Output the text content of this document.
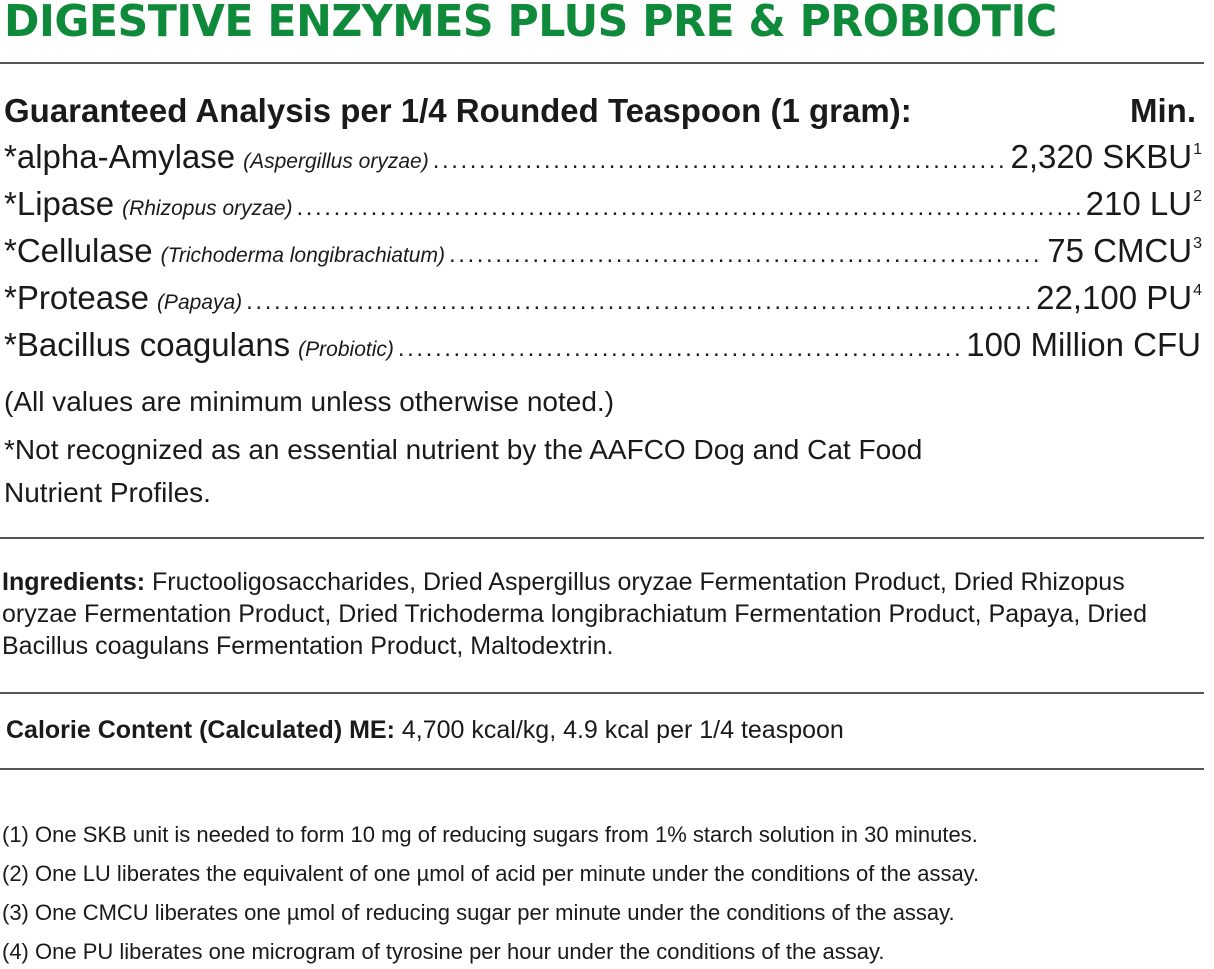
DIGESTIVE ENZYMES PLUS PRE & PROBIOTIC
Guaranteed Analysis per 1/4 Rounded Teaspoon (1 gram):	Min.
*alpha-Amylase (Aspergillus oryzae) .....	2,320 SKBU$^1$
*Lipase (Rhizopus oryzae) .....	210 $LU^2$
*Cellulase (Trichoderma longibrachiatum) .....	75 CMCU$^3$
*Protease (Papaya) .....	22,100 $PU^4$
*Bacillus coagulans (Probiotic) .....	100 Million CFU
(All values are minimum unless otherwise noted.)
*Not recognized as an essential nutrient by the AAFCO Dog and Cat Food
Nutrient Profiles.
Ingredients: Fructooligosaccharides, Dried Aspergillus oryzae Fermentation Product, Dried Rhizopus oryzae Fermentation Product, Dried Trichoderma longibrachiatum Fermentation Product, Papaya, Dried Bacillus coagulans Fermentation Product, Maltodextrin.
Calorie Content (Calculated) ME: 4,700 kcal/kg, 4.9 kcal per 1/4 teaspoon
(1) One SKB unit is needed to form 10 mg of reducing sugars from 1% starch solution in 30 minutes.
(2) One LU liberates the equivalent of one µmol of acid per minute under the conditions of the assay.
(3) One CMCU liberates one µmol of reducing sugar per minute under the conditions of the assay.
(4) One PU liberates one microgram of tyrosine per hour under the conditions of the assay.
